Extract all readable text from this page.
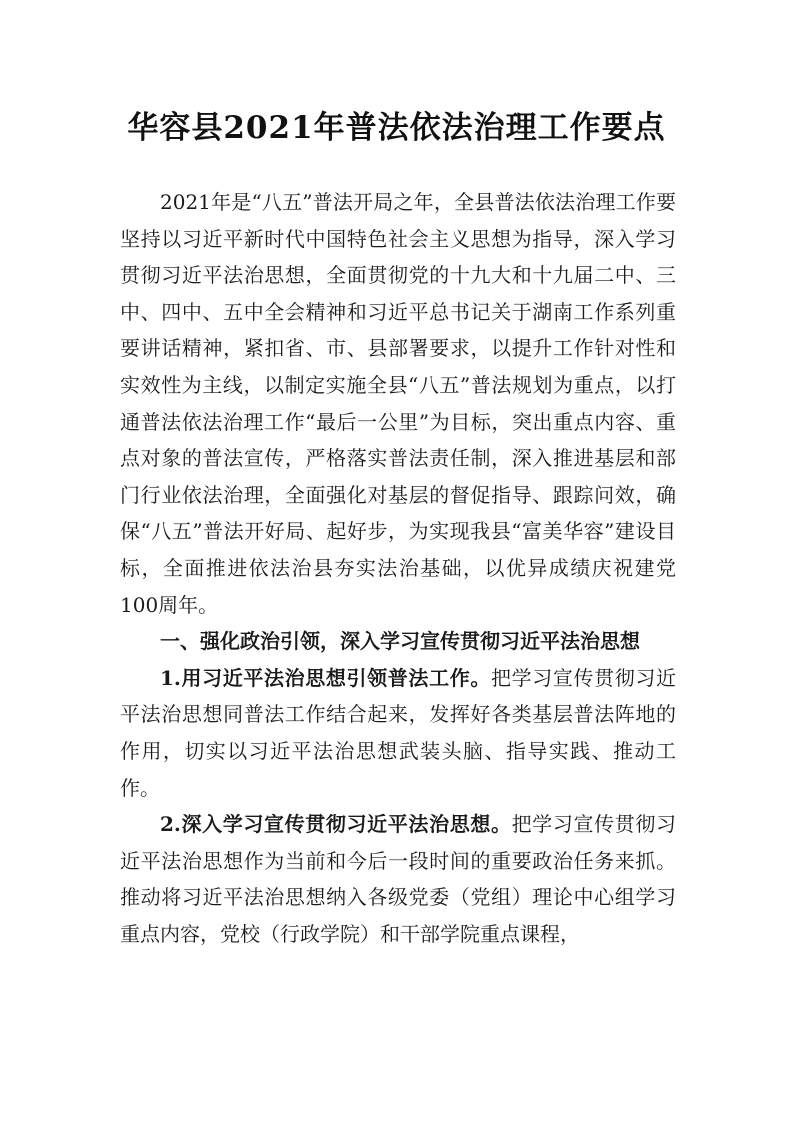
华容县2021年普法依法治理工作要点

2021年是“八五”普法开局之年，全县普法依法治理工作要坚持以习近平新时代中国特色社会主义思想为指导，深入学习贯彻习近平法治思想，全面贯彻党的十九大和十九届二中、三中、四中、五中全会精神和习近平总书记关于湖南工作系列重要讲话精神，紧扣省、市、县部署要求，以提升工作针对性和实效性为主线，以制定实施全县“八五”普法规划为重点，以打通普法依法治理工作“最后一公里”为目标，突出重点内容、重点对象的普法宣传，严格落实普法责任制，深入推进基层和部门行业依法治理，全面强化对基层的督促指导、跟踪问效，确保“八五”普法开好局、起好步，为实现我县“富美华容”建设目标，全面推进依法治县夯实法治基础，以优异成绩庆祝建党100周年。

一、强化政治引领，深入学习宣传贯彻习近平法治思想

1.用习近平法治思想引领普法工作。把学习宣传贯彻习近平法治思想同普法工作结合起来，发挥好各类基层普法阵地的作用，切实以习近平法治思想武装头脑、指导实践、推动工作。

2.深入学习宣传贯彻习近平法治思想。把学习宣传贯彻习近平法治思想作为当前和今后一段时间的重要政治任务来抓。推动将习近平法治思想纳入各级党委（党组）理论中心组学习重点内容，党校（行政学院）和干部学院重点课程，
